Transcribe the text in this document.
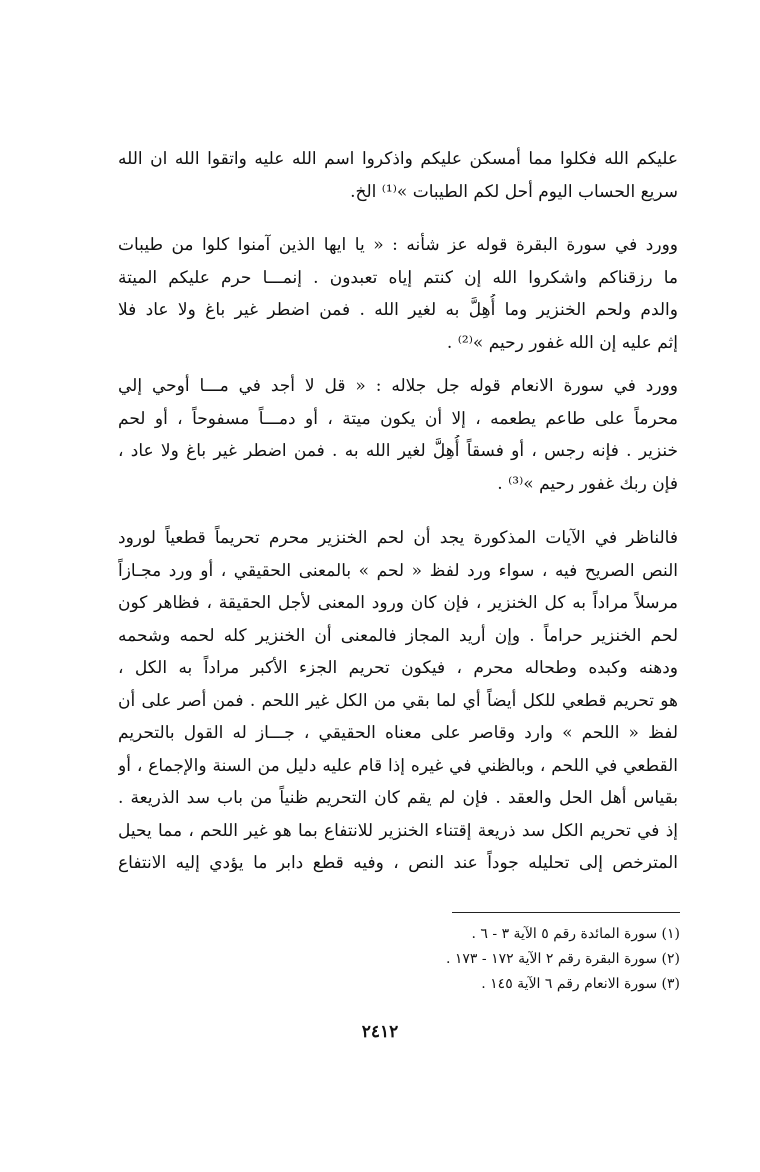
عليكم الله فكلوا مما أمسكن عليكم واذكروا اسم الله عليه واتقوا الله ان الله
سريع الحساب اليوم أحل لكم الطيبات »⁽¹⁾ الخ.
وورد في سورة البقرة قوله عز شأنه : « يا ايها الذين آمنوا كلوا من طيبات
ما رزقناكم واشكروا الله إن كنتم إياه تعبدون . إنمـــا حرم عليكم الميتة
والدم ولحم الخنزير وما أُهِلَّ به لغير الله . فمن اضطر غير باغ ولا عاد فلا
إثم عليه إن الله غفور رحيم »⁽²⁾ .
وورد في سورة الانعام قوله جل جلاله : « قل لا أجد في مـــا أوحي إلي
محرماً على طاعم يطعمه ، إلا أن يكون ميتة ، أو دمـــاً مسفوحاً ، أو لحم
خنزير . فإنه رجس ، أو فسقاً أُهِلَّ لغير الله به . فمن اضطر غير باغ ولا عاد ،
فإن ربك غفور رحيم »⁽³⁾ .
فالناظر في الآيات المذكورة يجد أن لحم الخنزير محرم تحريماً قطعياً لورود
النص الصريح فيه ، سواء ورد لفظ « لحم » بالمعنى الحقيقي ، أو ورد مجـازاً
مرسلاً مراداً به كل الخنزير ، فإن كان ورود المعنى لأجل الحقيقة ، فظاهر كون
لحم الخنزير حراماً . وإن أريد المجاز فالمعنى أن الخنزير كله لحمه وشحمه
ودهنه وكبده وطحاله محرم ، فيكون تحريم الجزء الأكبر مراداً به الكل ،
هو تحريم قطعي للكل أيضاً أي لما بقي من الكل غير اللحم . فمن أصر على أن
لفظ « اللحم » وارد وقاصر على معناه الحقيقي ، جـــاز له القول بالتحريم
القطعي في اللحم ، وبالظني في غيره إذا قام عليه دليل من السنة والإجماع ، أو
بقياس أهل الحل والعقد . فإن لم يقم كان التحريم ظنياً من باب سد الذريعة .
إذ في تحريم الكل سد ذريعة إقتناء الخنزير للانتفاع بما هو غير اللحم ، مما يحيل
المترخص إلى تحليله جوداً عند النص ، وفيه قطع دابر ما يؤدي إليه الانتفاع
(١) سورة المائدة رقم ٥ الآية ٣ - ٦ .
(٢) سورة البقرة رقم ٢ الآية ١٧٢ - ١٧٣ .
(٣) سورة الانعام رقم ٦ الآية ١٤٥ .
٢٤١٢
